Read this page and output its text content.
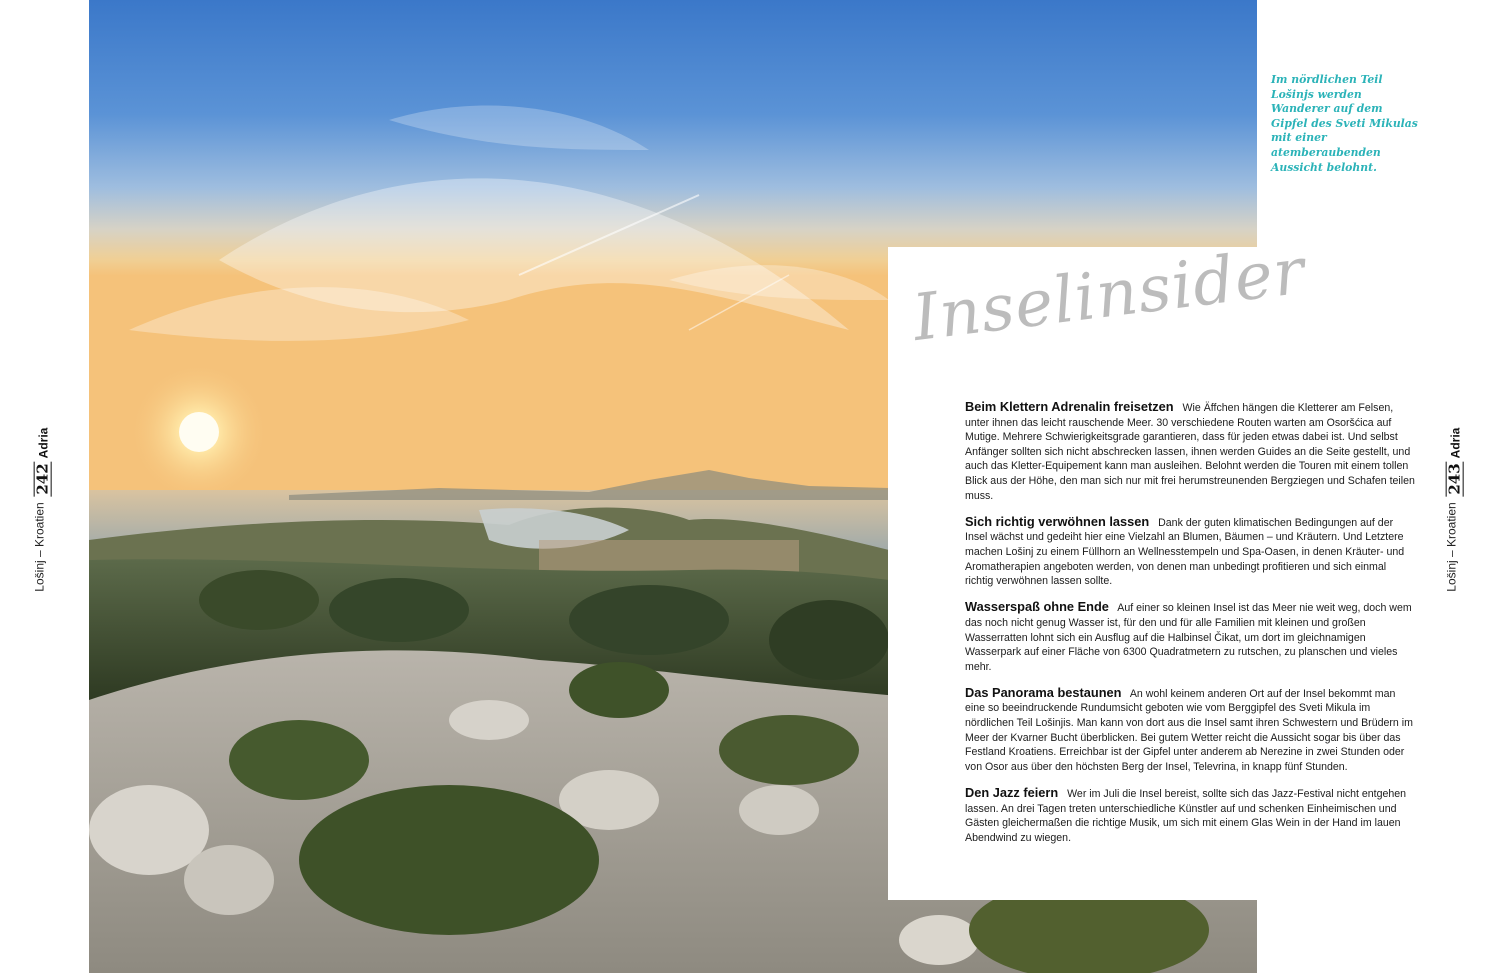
Adria
242
Lošinj – Kroatien
Adria
243
Lošinj – Kroatien
Im nördlichen Teil Lošinjs werden Wanderer auf dem Gipfel des Sveti Mikulas mit einer atemberaubenden Aussicht belohnt.
Inselinsider

Beim Klettern Adrenalin freisetzen Wie Äffchen hängen die Kletterer am Felsen, unter ihnen das leicht rauschende Meer. 30 verschiedene Routen warten am Osoršćica auf Mutige. Mehrere Schwierigkeitsgrade garantieren, dass für jeden etwas dabei ist. Und selbst Anfänger sollten sich nicht abschrecken lassen, ihnen werden Guides an die Seite gestellt, und auch das Kletter-Equipement kann man ausleihen. Belohnt werden die Touren mit einem tollen Blick aus der Höhe, den man sich nur mit frei herumstreunenden Bergziegen und Schafen teilen muss.

Sich richtig verwöhnen lassen Dank der guten klimatischen Bedingungen auf der Insel wächst und gedeiht hier eine Vielzahl an Blumen, Bäumen – und Kräutern. Und Letztere machen Lošinj zu einem Füllhorn an Wellnesstempeln und Spa-Oasen, in denen Kräuter- und Aromatherapien angeboten werden, von denen man unbedingt profitieren und sich einmal richtig verwöhnen lassen sollte.

Wasserspaß ohne Ende Auf einer so kleinen Insel ist das Meer nie weit weg, doch wem das noch nicht genug Wasser ist, für den und für alle Familien mit kleinen und großen Wasserratten lohnt sich ein Ausflug auf die Halbinsel Čikat, um dort im gleichnamigen Wasserpark auf einer Fläche von 6300 Quadratmetern zu rutschen, zu planschen und vieles mehr.

Das Panorama bestaunen An wohl keinem anderen Ort auf der Insel bekommt man eine so beeindruckende Rundumsicht geboten wie vom Berggipfel des Sveti Mikula im nördlichen Teil Lošinjis. Man kann von dort aus die Insel samt ihren Schwestern und Brüdern im Meer der Kvarner Bucht überblicken. Bei gutem Wetter reicht die Aussicht sogar bis über das Festland Kroatiens. Erreichbar ist der Gipfel unter anderem ab Nerezine in zwei Stunden oder von Osor aus über den höchsten Berg der Insel, Televrina, in knapp fünf Stunden.

Den Jazz feiern Wer im Juli die Insel bereist, sollte sich das Jazz-Festival nicht entgehen lassen. An drei Tagen treten unterschiedliche Künstler auf und schenken Einheimischen und Gästen gleichermaßen die richtige Musik, um sich mit einem Glas Wein in der Hand im lauen Abendwind zu wiegen.
